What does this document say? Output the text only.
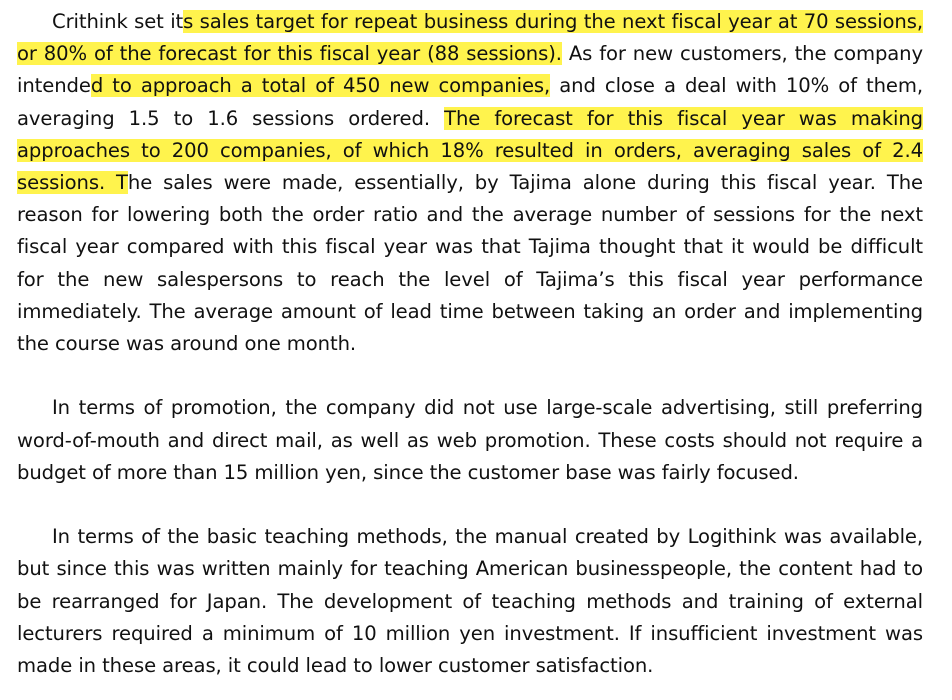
Crithink set its sales target for repeat business during the next fiscal year at 70 sessions, or 80% of the forecast for this fiscal year (88 sessions). As for new customers, the company intended to approach a total of 450 new companies, and close a deal with 10% of them, averaging 1.5 to 1.6 sessions ordered. The forecast for this fiscal year was making approaches to 200 companies, of which 18% resulted in orders, averaging sales of 2.4 sessions. The sales were made, essentially, by Tajima alone during this fiscal year. The reason for lowering both the order ratio and the average number of sessions for the next fiscal year compared with this fiscal year was that Tajima thought that it would be difficult for the new salespersons to reach the level of Tajima’s this fiscal year performance immediately. The average amount of lead time between taking an order and implementing the course was around one month.

In terms of promotion, the company did not use large-scale advertising, still preferring word-of-mouth and direct mail, as well as web promotion. These costs should not require a budget of more than 15 million yen, since the customer base was fairly focused.

In terms of the basic teaching methods, the manual created by Logithink was available, but since this was written mainly for teaching American businesspeople, the content had to be rearranged for Japan. The development of teaching methods and training of external lecturers required a minimum of 10 million yen investment. If insufficient investment was made in these areas, it could lead to lower customer satisfaction.
